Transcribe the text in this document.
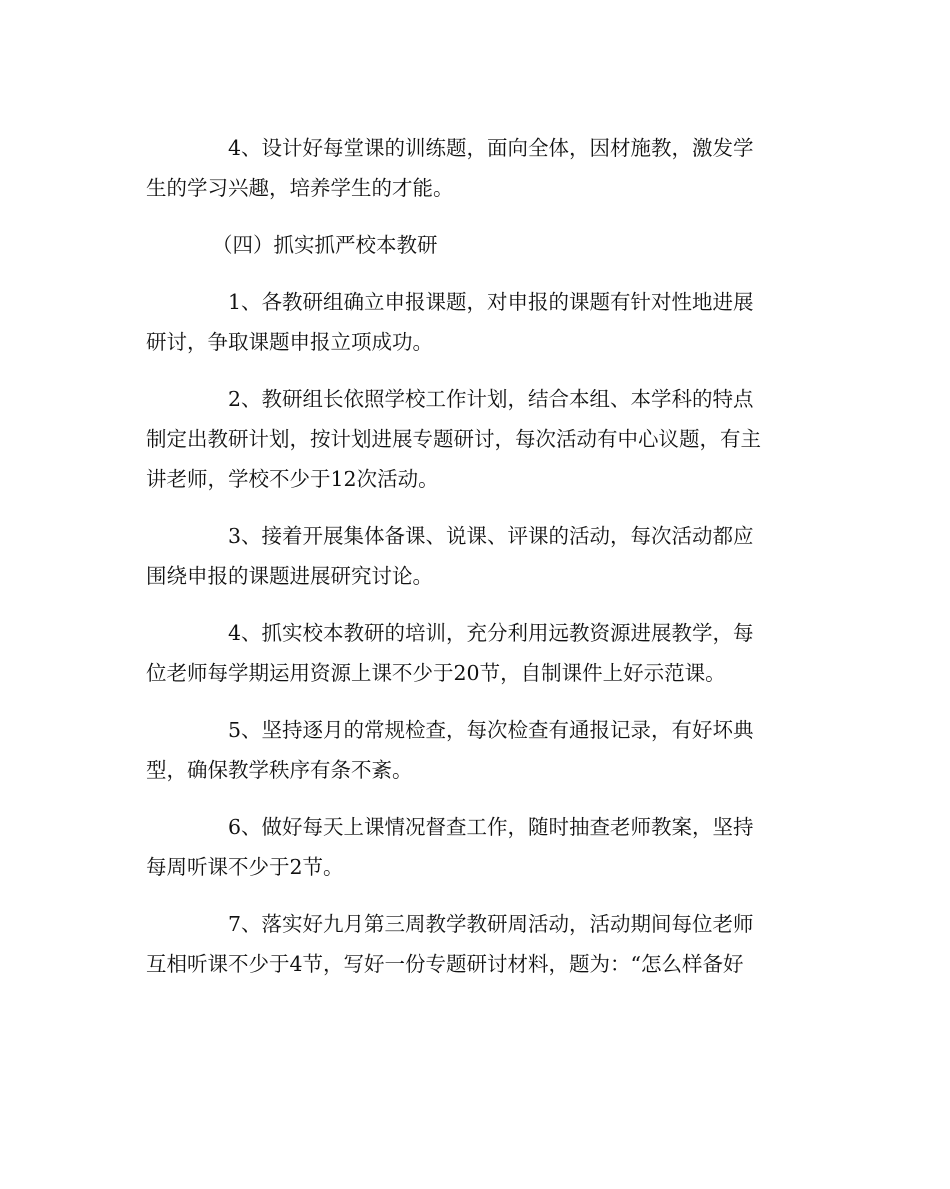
4、设计好每堂课的训练题，面向全体，因材施教，激发学
生的学习兴趣，培养学生的才能。
（四）抓实抓严校本教研
1、各教研组确立申报课题，对申报的课题有针对性地进展
研讨，争取课题申报立项成功。
2、教研组长依照学校工作计划，结合本组、本学科的特点
制定出教研计划，按计划进展专题研讨，每次活动有中心议题，有主
讲老师，学校不少于12次活动。
3、接着开展集体备课、说课、评课的活动，每次活动都应
围绕申报的课题进展研究讨论。
4、抓实校本教研的培训，充分利用远教资源进展教学，每
位老师每学期运用资源上课不少于20节，自制课件上好示范课。
5、坚持逐月的常规检查，每次检查有通报记录，有好坏典
型，确保教学秩序有条不紊。
6、做好每天上课情况督查工作，随时抽查老师教案，坚持
每周听课不少于2节。
7、落实好九月第三周教学教研周活动，活动期间每位老师
互相听课不少于4节，写好一份专题研讨材料，题为：“怎么样备好
